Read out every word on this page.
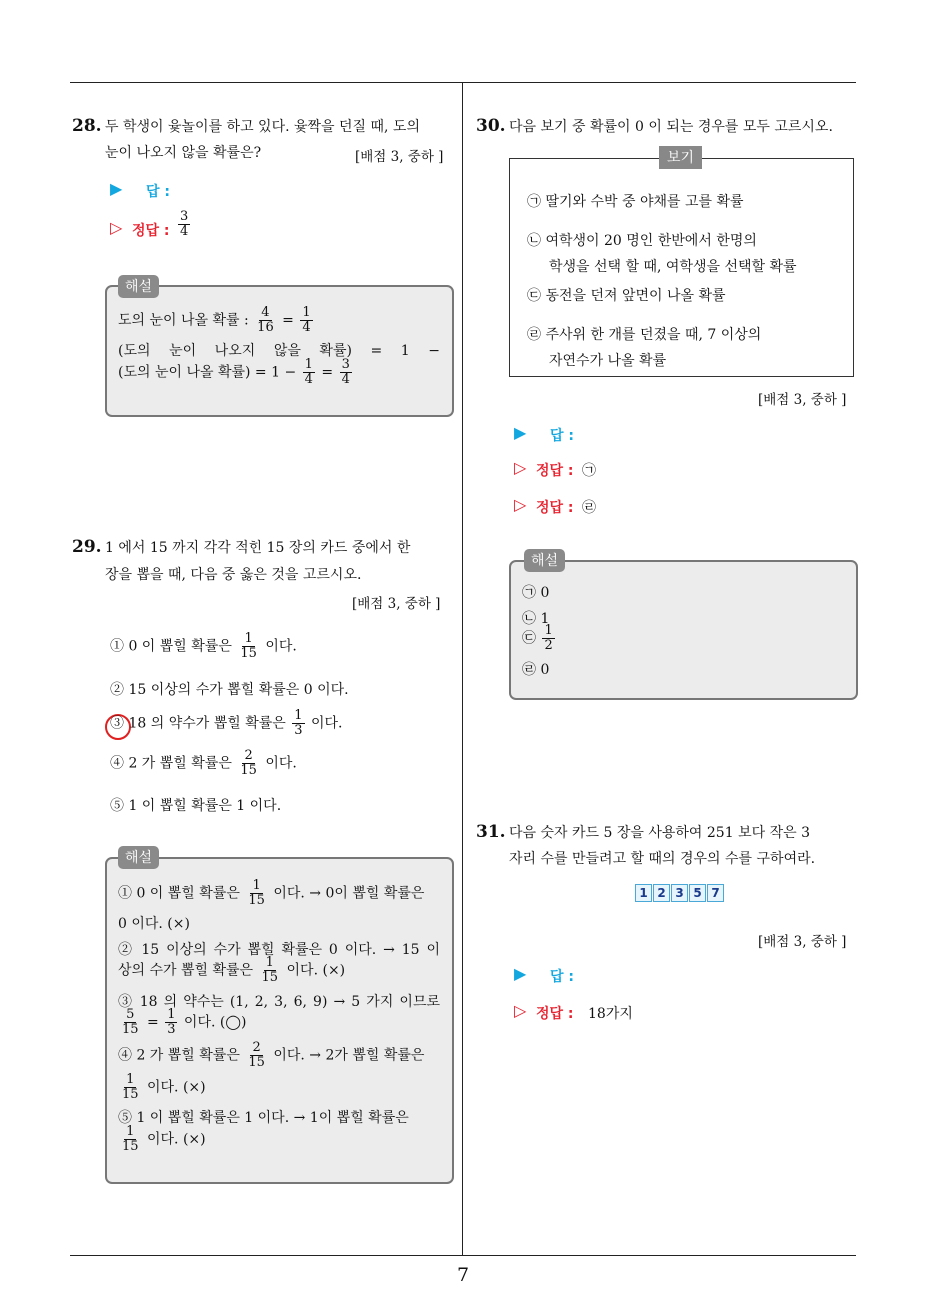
7
28. 두 학생이 윷놀이를 하고 있다. 윷짝을 던질 때, 도의
눈이 나오지 않을 확률은?	[배점 3, 중하 ]
▶ 답 :
▷ 정답 : $\frac{3}{4}$
해설
도의 눈이 나올 확률 : $\frac{4}{16} = \frac{1}{4}$
(도의 눈이 나오지 않을 확률) = 1 −
(도의 눈이 나올 확률) = $1 - \frac{1}{4} = \frac{3}{4}$
29. 1 에서 15 까지 각각 적힌 15 장의 카드 중에서 한
장을 뽑을 때, 다음 중 옳은 것을 고르시오.
[배점 3, 중하 ]
① 0 이 뽑힐 확률은 $\frac{1}{15}$ 이다.
② 15 이상의 수가 뽑힐 확률은 0 이다.
③ 18 의 약수가 뽑힐 확률은 $\frac{1}{3}$ 이다.
④ 2 가 뽑힐 확률은 $\frac{2}{15}$ 이다.
⑤ 1 이 뽑힐 확률은 1 이다.
해설
① 0 이 뽑힐 확률은 $\frac{1}{15}$ 이다. → 0이 뽑힐 확률은
0 이다. (×)
② 15 이상의 수가 뽑힐 확률은 0 이다. → 15 이
상의 수가 뽑힐 확률은 $\frac{1}{15}$ 이다. (×)
③ 18 의 약수는 (1, 2, 3, 6, 9) → 5 가지 이므로
$\frac{5}{15} = \frac{1}{3}$ 이다. (◯)
④ 2 가 뽑힐 확률은 $\frac{2}{15}$ 이다. → 2가 뽑힐 확률은
$\frac{1}{15}$ 이다. (×)
⑤ 1 이 뽑힐 확률은 1 이다. → 1이 뽑힐 확률은
$\frac{1}{15}$ 이다. (×)
30. 다음 보기 중 확률이 0 이 되는 경우를 모두 고르시오.
보기
㉠ 딸기와 수박 중 야채를 고를 확률
㉡ 여학생이 20 명인 한반에서 한명의
학생을 선택 할 때, 여학생을 선택할 확률
㉢ 동전을 던져 앞면이 나올 확률
㉣ 주사위 한 개를 던졌을 때, 7 이상의
자연수가 나올 확률
[배점 3, 중하 ]
▶ 답 :
▷ 정답 : ㉠
▷ 정답 : ㉣
해설
㉠ 0
㉡ 1
㉢ $\frac{1}{2}$
㉣ 0
31. 다음 숫자 카드 5 장을 사용하여 251 보다 작은 3
자리 수를 만들려고 할 때의 경우의 수를 구하여라.
1 2 3 5 7
[배점 3, 중하 ]
▶ 답 :
▷ 정답 : 18가지
